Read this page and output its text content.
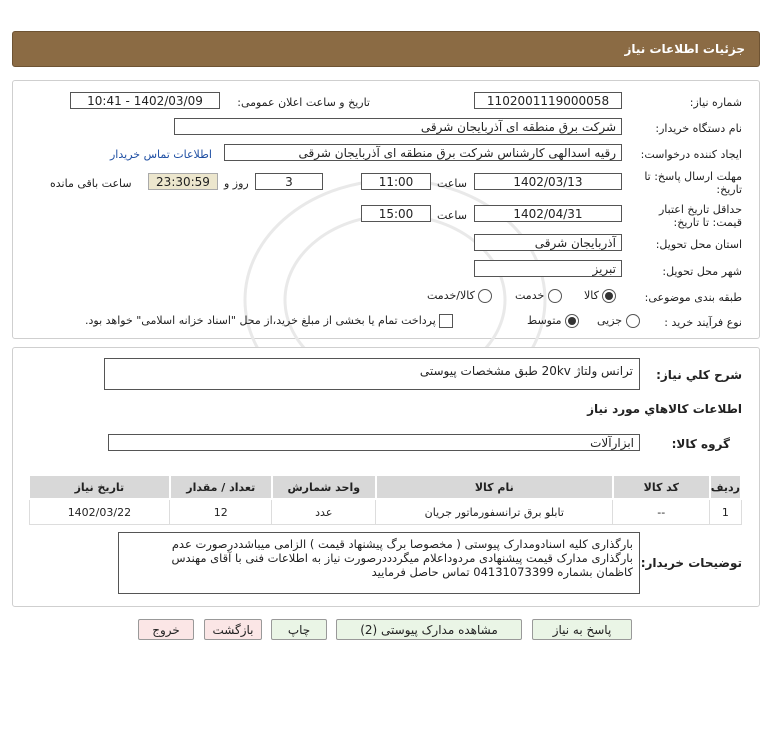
جزئیات اطلاعات نیاز
شماره نیاز:
1102001119000058
تاریخ و ساعت اعلان عمومی:
1402/03/09 - 10:41
نام دستگاه خریدار:
شرکت برق منطقه ای آذربایجان شرقی
ایجاد کننده درخواست:
رقیه اسدالهی کارشناس شرکت برق منطقه ای آذربایجان شرقی
اطلاعات تماس خریدار
مهلت ارسال پاسخ: تا
تاریخ:
1402/03/13
ساعت
11:00
3
روز و
23:30:59
ساعت باقی مانده
حداقل تاریخ اعتبار
قیمت: تا تاریخ:
1402/04/31
ساعت
15:00
استان محل تحویل:
آذربایجان شرقی
شهر محل تحویل:
تبریز
طبقه بندی موضوعی:
کالا
خدمت
کالا/خدمت
نوع فرآیند خرید :
جزیی
متوسط
پرداخت تمام یا بخشی از مبلغ خرید،از محل "اسناد خزانه اسلامی" خواهد بود.
شرح كلي نياز:
ترانس ولتاژ 20kv طبق مشخصات پیوستی
اطلاعات كالاهاي مورد نياز
گروه كالا:
ابزارآلات
ردیف	کد کالا	نام کالا	واحد شمارش	تعداد / مقدار	تاریخ نیاز
1	--	تابلو برق ترانسفورماتور جریان	عدد	12	1402/03/22
توضیحات خریدار:
بارگذاری کلیه اسنادومدارک پیوستی ( مخصوصا برگ پیشنهاد قیمت ) الزامی میباشددرصورت عدم
بارگذاری مدارک قیمت پیشنهادی مردوداعلام میگردددرصورت نیاز به اطلاعات فنی با آقای مهندس
کاظمان بشماره 04131073399 تماس حاصل فرمایید
پاسخ به نیاز
مشاهده مدارک پیوستی (2)
چاپ
بازگشت
خروج
